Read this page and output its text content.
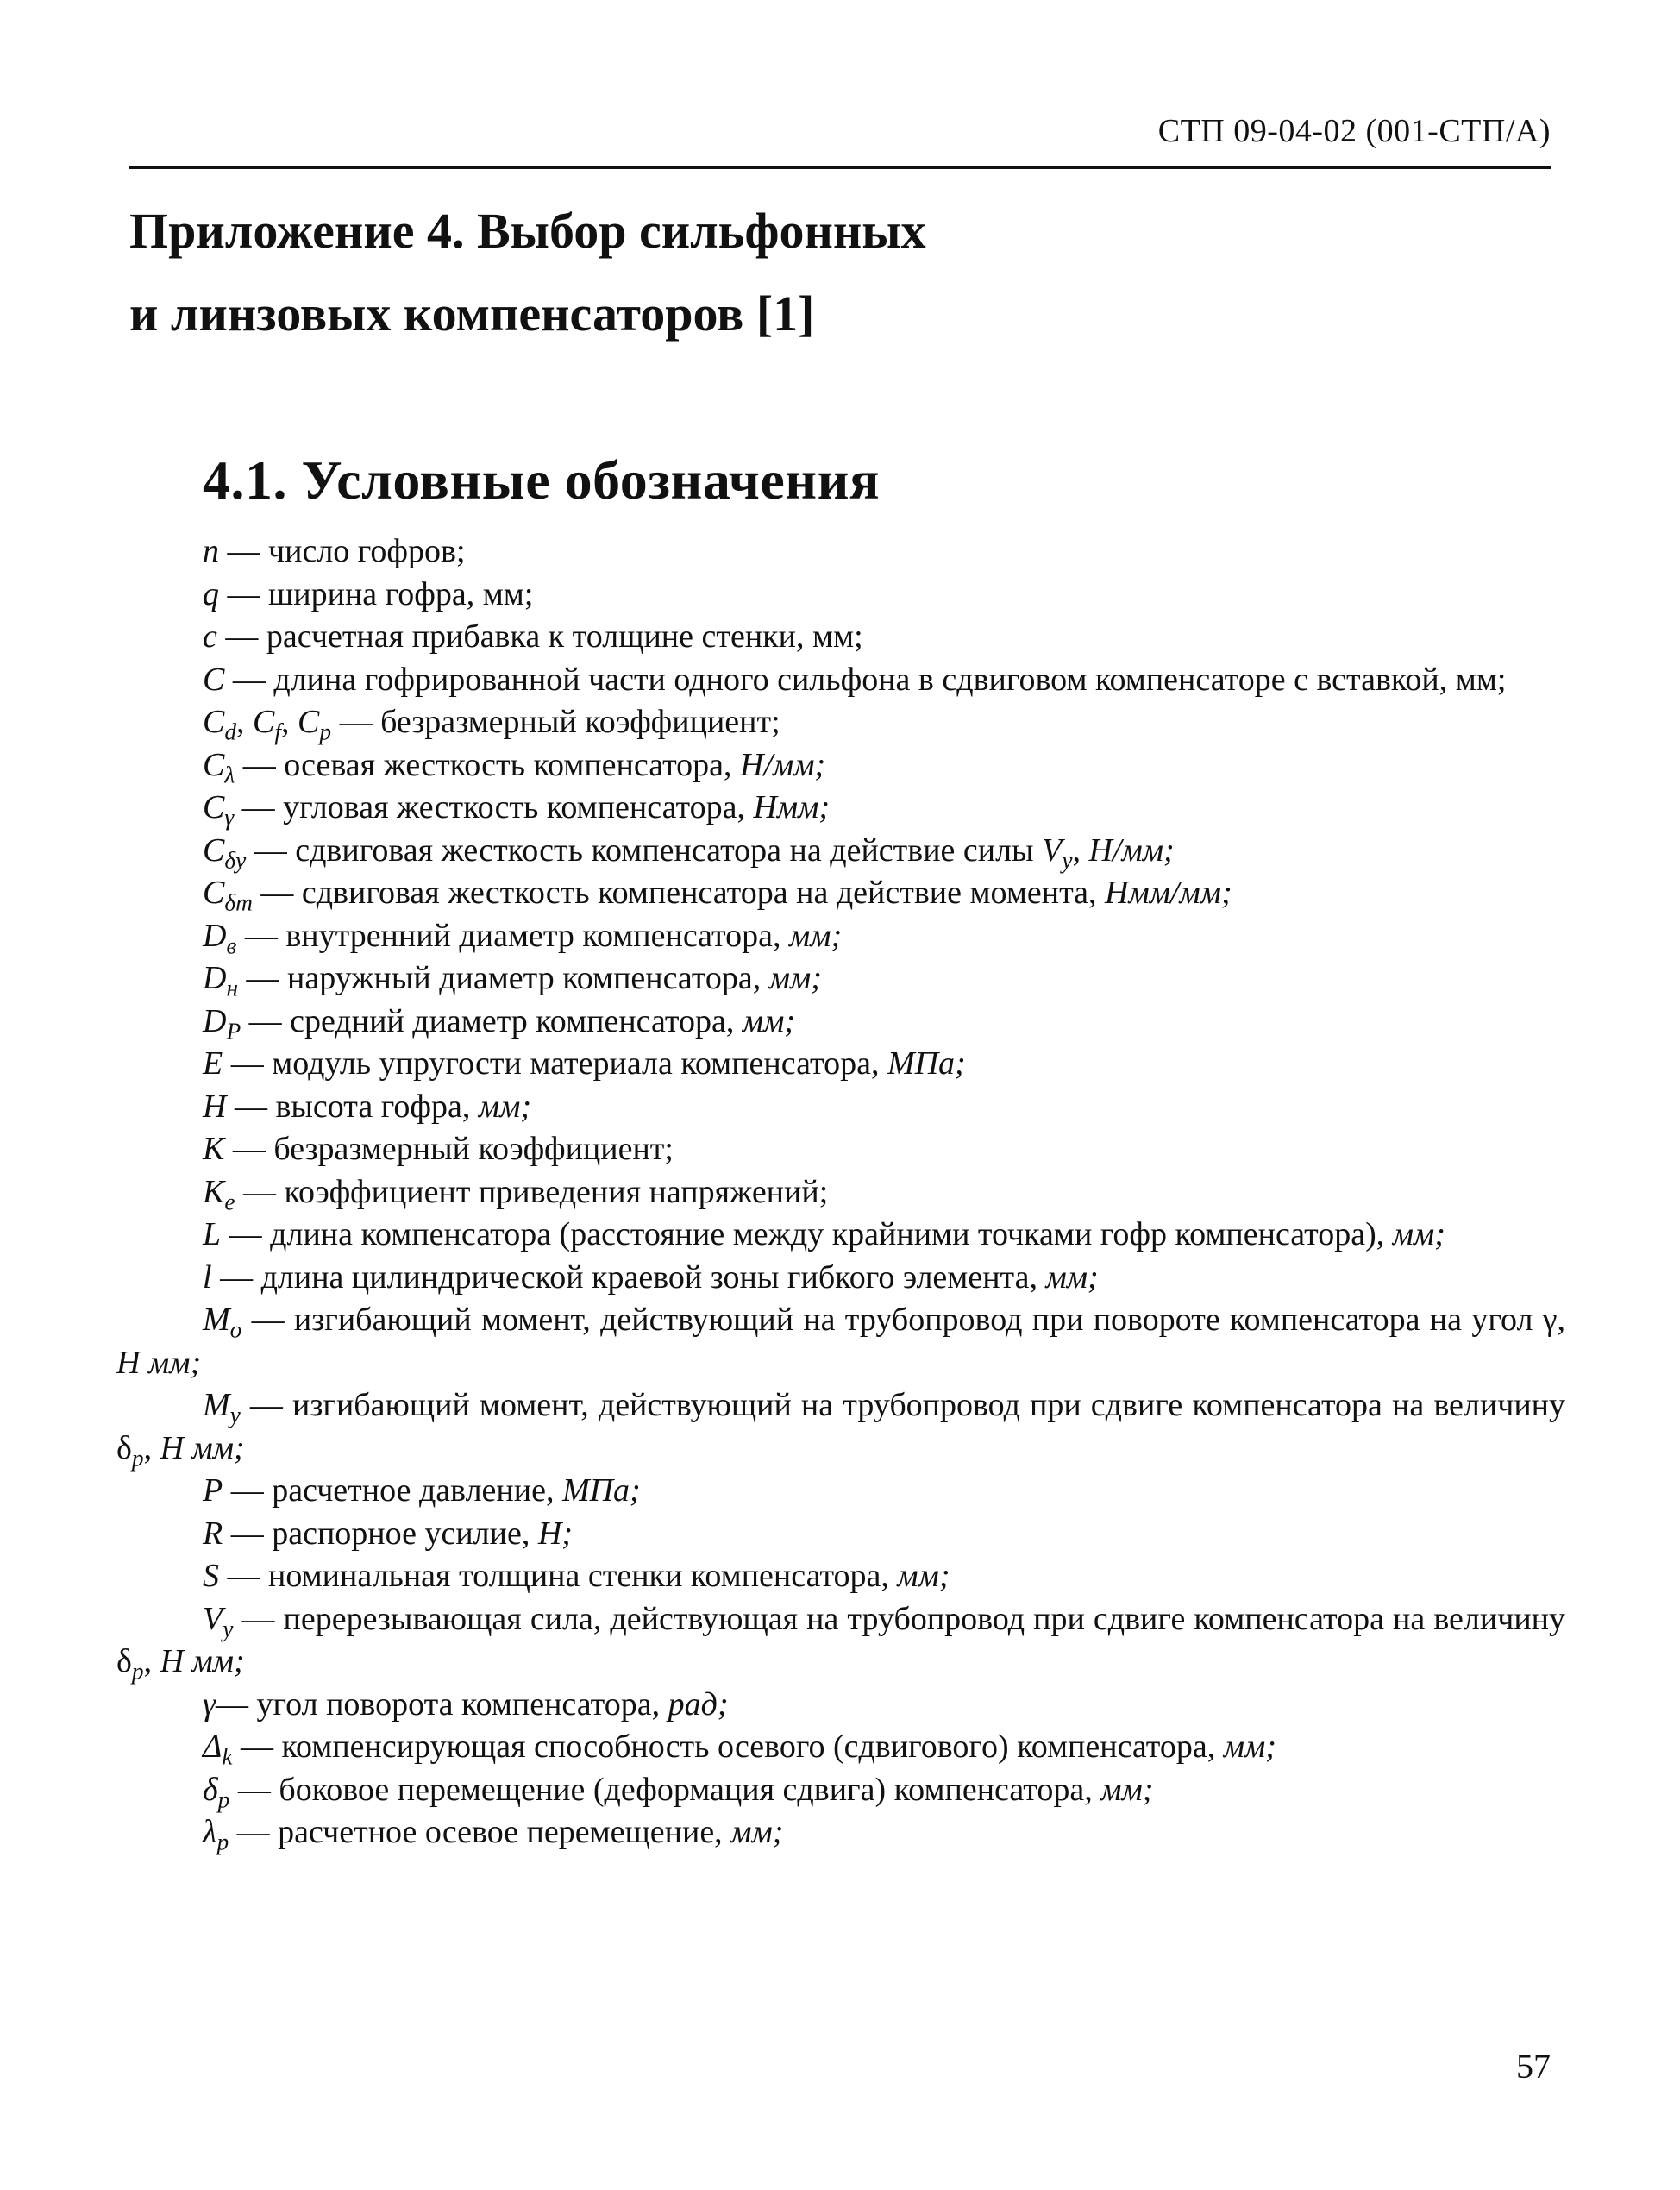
СТП 09-04-02 (001-СТП/А)
Приложение 4. Выбор сильфонных
и линзовых компенсаторов [1]
4.1. Условные обозначения

n — число гофров;

q — ширина гофра, мм;

c — расчетная прибавка к толщине стенки, мм;

C — длина гофрированной части одного сильфона в сдвиговом компенсаторе с вставкой, мм;

$C_d$, $C_f$, $C_p$ — безразмерный коэффициент;

$C_\lambda$ — осевая жесткость компенсатора, Н/мм;

$C_\gamma$ — угловая жесткость компенсатора, Нмм;

$C_{\delta y}$ — сдвиговая жесткость компенсатора на действие силы $V_y$, Н/мм;

$C_{\delta m}$ — сдвиговая жесткость компенсатора на действие момента, Нмм/мм;

$D_в$ — внутренний диаметр компенсатора, мм;

$D_н$ — наружный диаметр компенсатора, мм;

$D_P$ — средний диаметр компенсатора, мм;

E — модуль упругости материала компенсатора, МПа;

H — высота гофра, мм;

K — безразмерный коэффициент;

$K_e$ — коэффициент приведения напряжений;

L — длина компенсатора (расстояние между крайними точками гофр компенсатора), мм;

l — длина цилиндрической краевой зоны гибкого элемента, мм;

$M_o$ — изгибающий момент, действующий на трубопровод при повороте компенсатора на угол γ, Н мм;

$M_y$ — изгибающий момент, действующий на трубопровод при сдвиге компенсатора на величину $\delta_p$, Н мм;

P — расчетное давление, МПа;

R — распорное усилие, Н;

S — номинальная толщина стенки компенсатора, мм;

$V_y$ — перерезывающая сила, действующая на трубопровод при сдвиге компенсатора на величину $\delta_p$, Н мм;

γ— угол поворота компенсатора, рад;

$\Delta_k$ — компенсирующая способность осевого (сдвигового) компенсатора, мм;

$\delta_p$ — боковое перемещение (деформация сдвига) компенсатора, мм;

$\lambda_p$ — расчетное осевое перемещение, мм;

57
